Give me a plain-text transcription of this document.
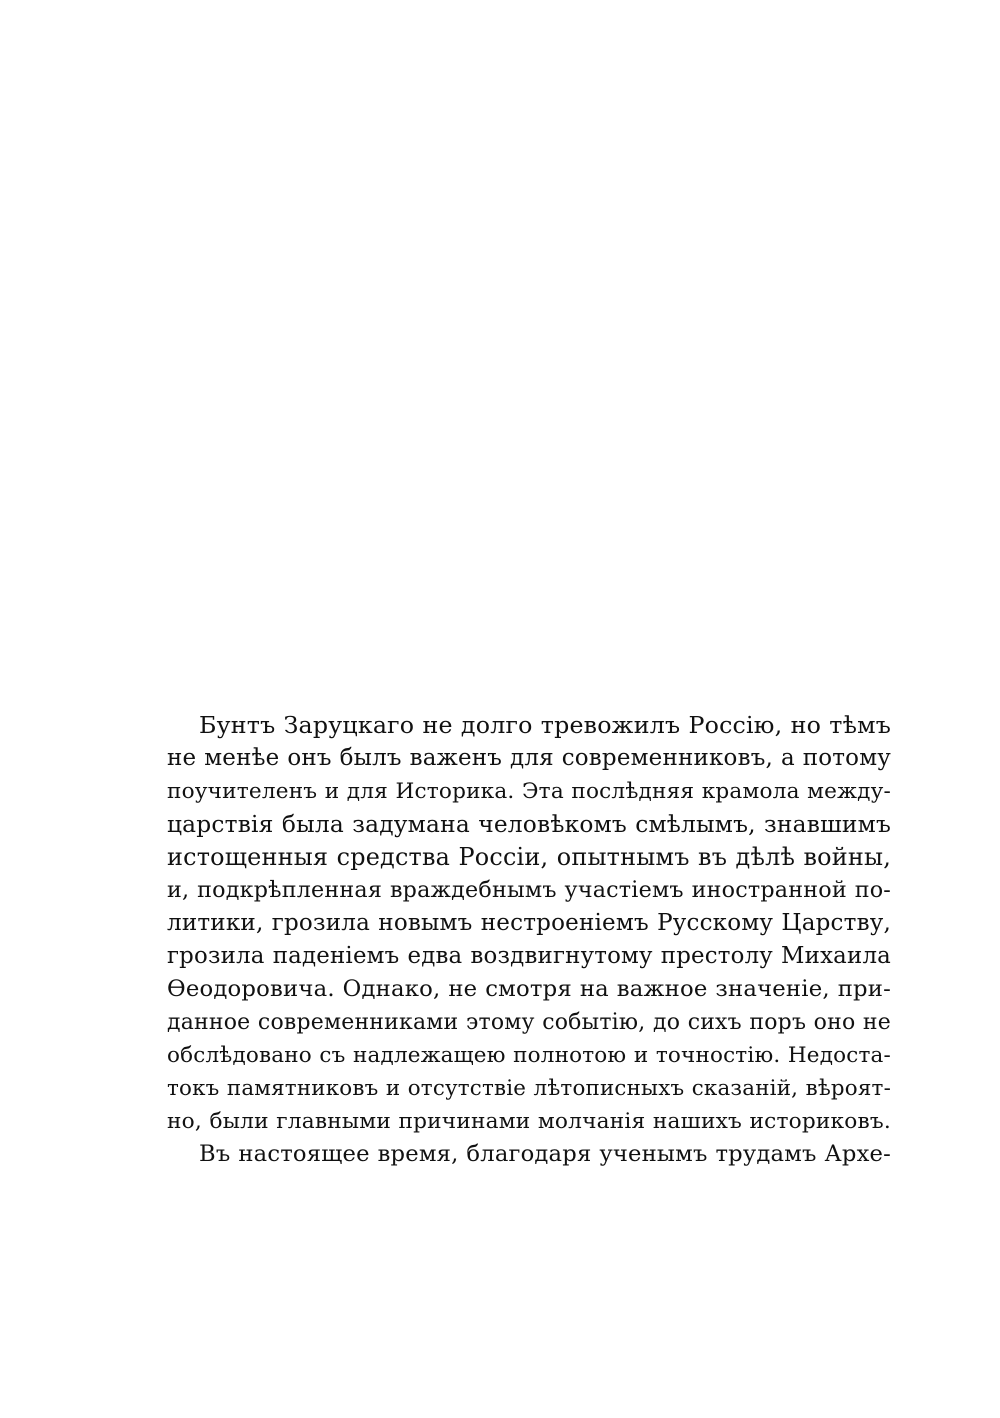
Бунтъ Заруцкаго не долго тревожилъ Россію, но тѣмъ
не менѣе онъ былъ важенъ для современниковъ, а потому
поучителенъ и для Историка. Эта послѣдняя крамола между-
царствія была задумана человѣкомъ смѣлымъ, знавшимъ
истощенныя средства Россіи, опытнымъ въ дѣлѣ войны,
и, подкрѣпленная враждебнымъ участіемъ иностранной по-
литики, грозила новымъ нестроеніемъ Русскому Царству,
грозила паденіемъ едва воздвигнутому престолу Михаила
Ѳеодоровича. Однако, не смотря на важное значеніе, при-
данное современниками этому событію, до сихъ поръ оно не
обслѣдовано съ надлежащею полнотою и точностію. Недоста-
токъ памятниковъ и отсутствіе лѣтописныхъ сказаній, вѣроят-
но, были главными причинами молчанія нашихъ историковъ.
Въ настоящее время, благодаря ученымъ трудамъ Архе-
